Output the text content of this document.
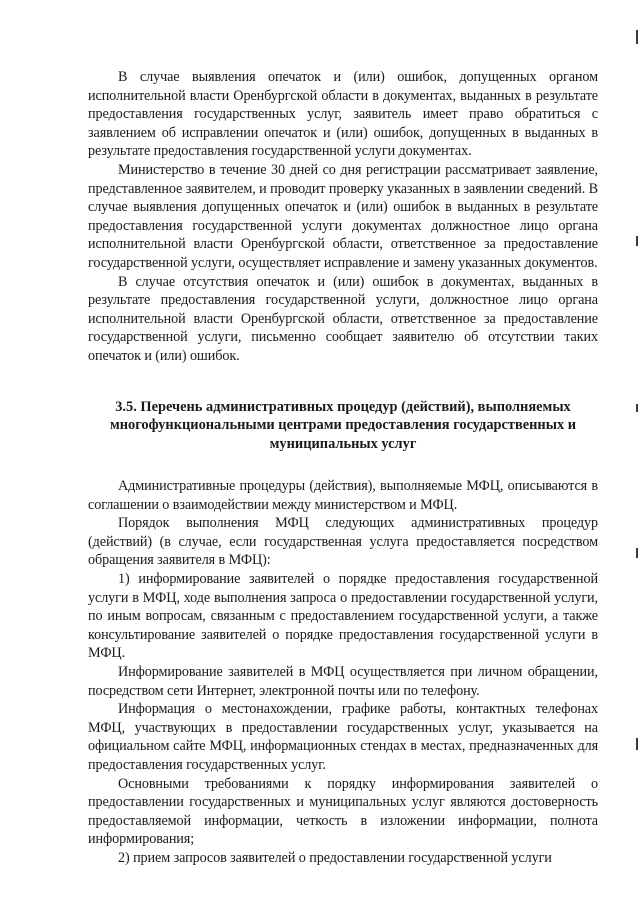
В случае выявления опечаток и (или) ошибок, допущенных органом исполнительной власти Оренбургской области в документах, выданных в результате предоставления государственных услуг, заявитель имеет право обратиться с заявлением об исправлении опечаток и (или) ошибок, допущенных в выданных в результате предоставления государственной услуги документах.

Министерство в течение 30 дней со дня регистрации рассматривает заявление, представленное заявителем, и проводит проверку указанных в заявлении сведений. В случае выявления допущенных опечаток и (или) ошибок в выданных в результате предоставления государственной услуги документах должностное лицо органа исполнительной власти Оренбургской области, ответственное за предоставление государственной услуги, осуществляет исправление и замену указанных документов.

В случае отсутствия опечаток и (или) ошибок в документах, выданных в результате предоставления государственной услуги, должностное лицо органа исполнительной власти Оренбургской области, ответственное за предоставление государственной услуги, письменно сообщает заявителю об отсутствии таких опечаток и (или) ошибок.

3.5. Перечень административных процедур (действий), выполняемых многофункциональными центрами предоставления государственных и муниципальных услуг

Административные процедуры (действия), выполняемые МФЦ, описываются в соглашении о взаимодействии между министерством и МФЦ.

Порядок выполнения МФЦ следующих административных процедур (действий) (в случае, если государственная услуга предоставляется посредством обращения заявителя в МФЦ):

1) информирование заявителей о порядке предоставления государственной услуги в МФЦ, ходе выполнения запроса о предоставлении государственной услуги, по иным вопросам, связанным с предоставлением государственной услуги, а также консультирование заявителей о порядке предоставления государственной услуги в МФЦ.

Информирование заявителей в МФЦ осуществляется при личном обращении, посредством сети Интернет, электронной почты или по телефону.

Информация о местонахождении, графике работы, контактных телефонах МФЦ, участвующих в предоставлении государственных услуг, указывается на официальном сайте МФЦ, информационных стендах в местах, предназначенных для предоставления государственных услуг.

Основными требованиями к порядку информирования заявителей о предоставлении государственных и муниципальных услуг являются достоверность предоставляемой информации, четкость в изложении информации, полнота информирования;

2) прием запросов заявителей о предоставлении государственной услуги
